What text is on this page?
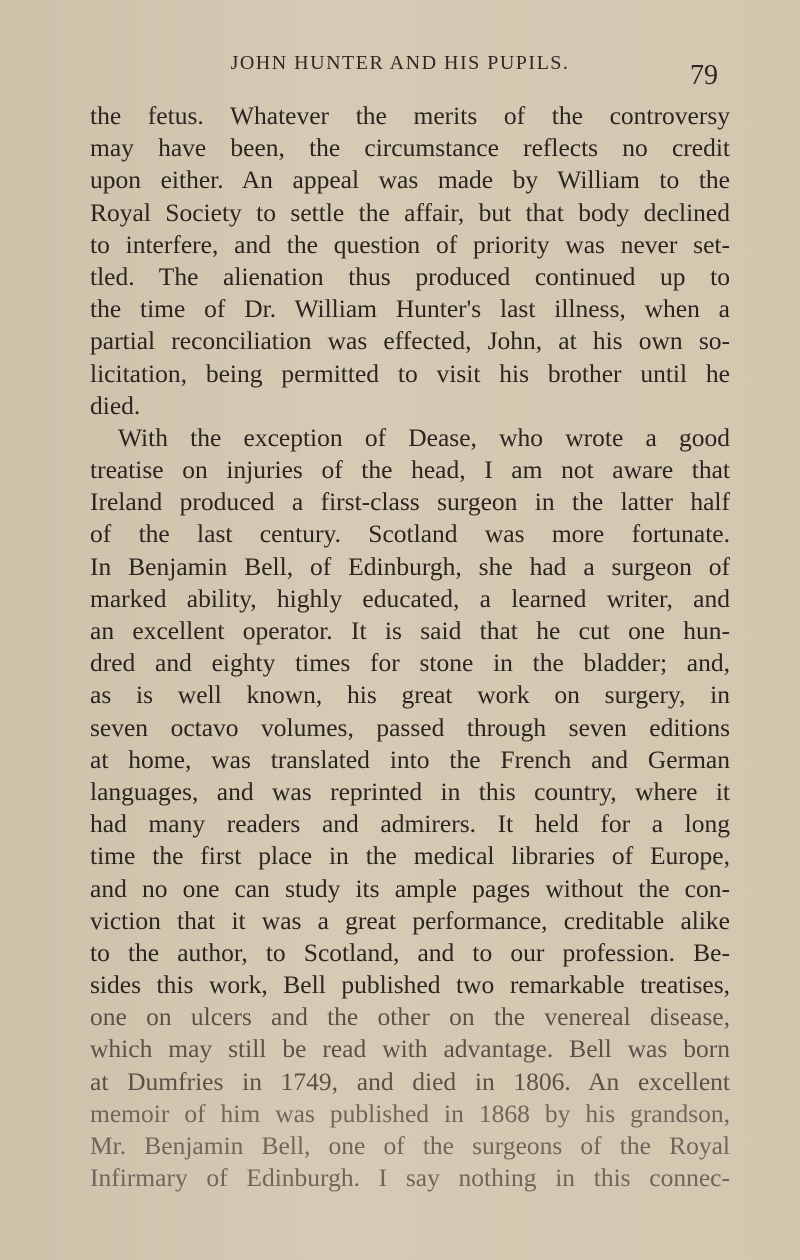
JOHN HUNTER AND HIS PUPILS.	79
the fetus. Whatever the merits of the controversy
may have been, the circumstance reflects no credit
upon either. An appeal was made by William to the
Royal Society to settle the affair, but that body declined
to interfere, and the question of priority was never set-
tled. The alienation thus produced continued up to
the time of Dr. William Hunter's last illness, when a
partial reconciliation was effected, John, at his own so-
licitation, being permitted to visit his brother until he
died.
With the exception of Dease, who wrote a good
treatise on injuries of the head, I am not aware that
Ireland produced a first-class surgeon in the latter half
of the last century. Scotland was more fortunate.
In Benjamin Bell, of Edinburgh, she had a surgeon of
marked ability, highly educated, a learned writer, and
an excellent operator. It is said that he cut one hun-
dred and eighty times for stone in the bladder; and,
as is well known, his great work on surgery, in
seven octavo volumes, passed through seven editions
at home, was translated into the French and German
languages, and was reprinted in this country, where it
had many readers and admirers. It held for a long
time the first place in the medical libraries of Europe,
and no one can study its ample pages without the con-
viction that it was a great performance, creditable alike
to the author, to Scotland, and to our profession. Be-
sides this work, Bell published two remarkable treatises,
one on ulcers and the other on the venereal disease,
which may still be read with advantage. Bell was born
at Dumfries in 1749, and died in 1806. An excellent
memoir of him was published in 1868 by his grandson,
Mr. Benjamin Bell, one of the surgeons of the Royal
Infirmary of Edinburgh. I say nothing in this connec-
